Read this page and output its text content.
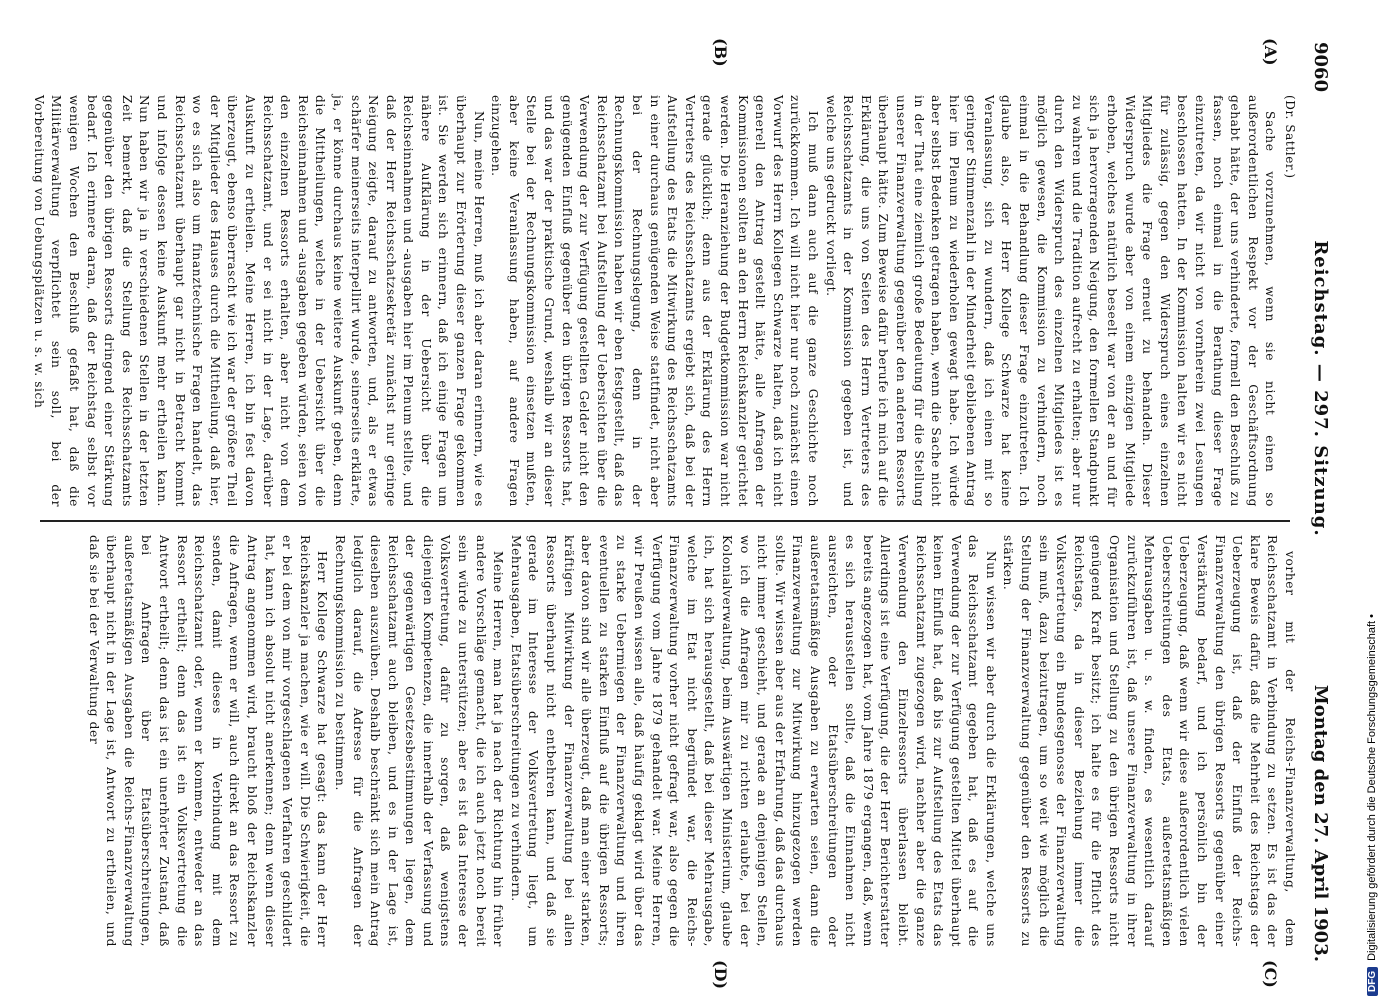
9060
Reichstag. — 297. Sitzung.
Montag den 27. April 1903.
(A)
(B)
(C)
(D)
(Dr. Sattler.)

Sache vorzunehmen, wenn sie nicht einen so außerordentlichen Respekt vor der Geschäftsordnung gehabt hätte, der uns verhinderte, formell den Beschluß zu fassen, noch einmal in die Berathung dieser Frage einzutreten, da wir nicht von vornherein zwei Lesungen beschlossen hatten. In der Kommission halten wir es nicht für zulässig, gegen den Widerspruch eines einzelnen Mitgliedes die Frage erneut zu behandeln. Dieser Widerspruch wurde aber von einem einzigen Mitgliede erhoben, welches natürlich beseelt war von der an und für sich ja hervorragenden Neigung, den formellen Standpunkt zu wahren und die Tradition aufrecht zu erhalten; aber nur durch den Widerspruch des einzelnen Mitgliedes ist es möglich gewesen, die Kommission zu verhindern, noch einmal in die Behandlung dieser Frage einzutreten. Ich glaube also, der Herr Kollege Schwarze hat keine Veranlassung, sich zu wundern, daß ich einen mit so geringer Stimmenzahl in der Minderheit gebliebenen Antrag hier im Plenum zu wiederholen gewagt habe. Ich würde aber selbst Bedenken getragen haben, wenn die Sache nicht in der That eine ziemlich große Bedeutung für die Stellung unserer Finanzverwaltung gegenüber den anderen Ressorts überhaupt hätte. Zum Beweise dafür berufe ich mich auf die Erklärung, die uns von Seiten des Herrn Vertreters des Reichsschatzamts in der Kommission gegeben ist, und welche uns gedruckt vorliegt.

Ich muß dann auch auf die ganze Geschichte noch zurückkommen. Ich will nicht hier nur noch zunächst einen Vorwurf des Herrn Kollegen Schwarze halten, daß ich nicht generell den Antrag gestellt hätte, alle Anfragen der Kommissionen sollten an den Herrn Reichskanzler gerichtet werden. Die Heranziehung der Budgetkommission war nicht gerade glücklich; denn aus der Erklärung des Herrn Vertreters des Reichsschatzamts ergiebt sich, daß bei der Aufstellung des Etats die Mitwirkung des Reichsschatzamts in einer durchaus genügenden Weise stattfindet, nicht aber bei der Rechnungslegung, denn in der Rechnungskommission haben wir eben festgestellt, daß das Reichsschatzamt bei Aufstellung der Uebersichten über die Verwendung der zur Verfügung gestellten Gelder nicht den genügenden Einfluß gegenüber den übrigen Ressorts hat, und das war der praktische Grund, weshalb wir an dieser Stelle bei der Rechnungskommission einsetzen mußten, aber keine Veranlassung haben, auf andere Fragen einzugehen.

Nun, meine Herren, muß ich aber daran erinnern, wie es überhaupt zur Erörterung dieser ganzen Frage gekommen ist. Sie werden sich erinnern, daß ich einige Fragen um nähere Aufklärung in der Uebersicht über die Reichseinnahmen und -ausgaben hier im Plenum stellte, und daß der Herr Reichsschatzsekretär zunächst nur geringe Neigung zeigte, darauf zu antworten, und, als er etwas schärfer meinerseits interpellirt wurde, seinerseits erklärte, ja, er könne durchaus keine weitere Auskunft geben, denn die Mittheilungen, welche in der Uebersicht über die Reichseinnahmen und -ausgaben gegeben würden, seien von den einzelnen Ressorts erhalten, aber nicht von dem Reichsschatzamt, und er sei nicht in der Lage, darüber Auskunft zu ertheilen. Meine Herren, ich bin fest davon überzeugt, ebenso überrascht wie ich war der größere Theil der Mitglieder des Hauses durch die Mittheilung, daß hier, wo es sich also um finanztechnische Fragen handelt, das Reichsschatzamt überhaupt gar nicht in Betracht kommt und infolge dessen keine Auskunft mehr ertheilen kann. Nun haben wir ja in verschiedenen Stellen in der letzten Zeit bemerkt, daß die Stellung des Reichsschatzamts gegenüber den übrigen Ressorts dringend einer Stärkung bedarf. Ich erinnere daran, daß der Reichstag selbst vor wenigen Wochen den Beschluß gefaßt hat, daß die Militärverwaltung verpflichtet sein soll, bei der Vorbereitung von Uebungsplätzen u. s. w. sich

vorher mit der Reichs-Finanzverwaltung, dem Reichsschatzamt in Verbindung zu setzen. Es ist das der klare Beweis dafür, daß die Mehrheit des Reichstags der Ueberzeugung ist, daß der Einfluß der Reichs-Finanzverwaltung den übrigen Ressorts gegenüber einer Verstärkung bedarf, und ich persönlich bin der Ueberzeugung, daß wenn wir diese außerordentlich vielen Ueberschreitungen des Etats, außeretatsmäßigen Mehrausgaben u. s. w. finden, es wesentlich darauf zurückzuführen ist, daß unsere Finanzverwaltung in ihrer Organisation und Stellung zu den übrigen Ressorts nicht genügend Kraft besitzt; ich halte es für die Pflicht des Reichstags, da in dieser Beziehung immer die Volksvertretung ein Bundesgenosse der Finanzverwaltung sein muß, dazu beizutragen, um so weit wie möglich die Stellung der Finanzverwaltung gegenüber den Ressorts zu stärken.

Nun wissen wir aber durch die Erklärungen, welche uns das Reichsschatzamt gegeben hat, daß es auf die Verwendung der zur Verfügung gestellten Mittel überhaupt keinen Einfluß hat, daß bis zur Aufstellung des Etats das Reichsschatzamt zugezogen wird, nachher aber die ganze Verwendung den Einzelressorts überlassen bleibt. Allerdings ist eine Verfügung, die der Herr Berichterstatter bereits angezogen hat, vom Jahre 1879 ergangen, daß, wenn es sich herausstellen sollte, daß die Einnahmen nicht ausreichten, oder Etatsüberschreitungen oder außeretatsmäßige Ausgaben zu erwarten seien, dann die Finanzverwaltung zur Mitwirkung hinzugezogen werden sollte. Wir wissen aber aus der Erfahrung, daß das durchaus nicht immer geschieht, und gerade an denjenigen Stellen, wo ich die Anfragen mir zu richten erlaubte, bei der Kolonialverwaltung, beim Auswärtigen Ministerium, glaube ich, hat sich herausgestellt, daß bei dieser Mehrausgabe, welche im Etat nicht begründet war, die Reichs-Finanzverwaltung vorher nicht gefragt war, also gegen die Verfügung vom Jahre 1879 gehandelt war. Meine Herren, wir Preußen wissen alle, daß häufig geklagt wird über das zu starke Uebermiegen der Finanzverwaltung und ihren eventuellen zu starken Einfluß auf die übrigen Ressorts; aber davon sind wir alle überzeugt, daß man einer starken, kräftigen Mitwirkung der Finanzverwaltung bei allen Ressorts überhaupt nicht entbehren kann, und daß sie gerade im Interesse der Volksvertretung liegt, um Mehrausgaben, Etatsüberschreitungen zu verhindern.

Meine Herren, man hat ja nach der Richtung hin früher andere Vorschläge gemacht, die ich auch jetzt noch bereit sein würde zu unterstützen; aber es ist das Interesse der Volksvertretung, dafür zu sorgen, daß wenigstens diejenigen Kompetenzen, die innerhalb der Verfassung und der gegenwärtigen Gesetzesbestimmungen liegen, dem Reichsschatzamt auch bleiben, und es in der Lage ist, dieselben auszuüben. Deshalb beschränkt sich mein Antrag lediglich darauf, die Adresse für die Anfragen der Rechnungskommission zu bestimmen.

Herr Kollege Schwarze hat gesagt: das kann der Herr Reichskanzler ja machen, wie er will. Die Schwierigkeit, die er bei dem von mir vorgeschlagenen Verfahren geschildert hat, kann ich absolut nicht anerkennen; denn wenn dieser Antrag angenommen wird, braucht bloß der Reichskanzler die Anfragen, wenn er will, auch direkt an das Ressort zu senden, damit dieses in Verbindung mit dem Reichsschatzamt oder, wenn er kommen, entweder an das Ressort ertheilt; denn das ist ein Volksvertretung die Antwort ertheilt; denn das ist ein unerhörter Zustand, daß bei Anfragen über Etatsüberschreitungen, außeretatsmäßigen Ausgaben die Reichs-Finanzverwaltung überhaupt nicht in der Lage ist, Antwort zu ertheilen, und daß sie bei der Verwaltung der

DFG
Digitalisierung gefördert durch die Deutsche Forschungsgemeinschaft •
